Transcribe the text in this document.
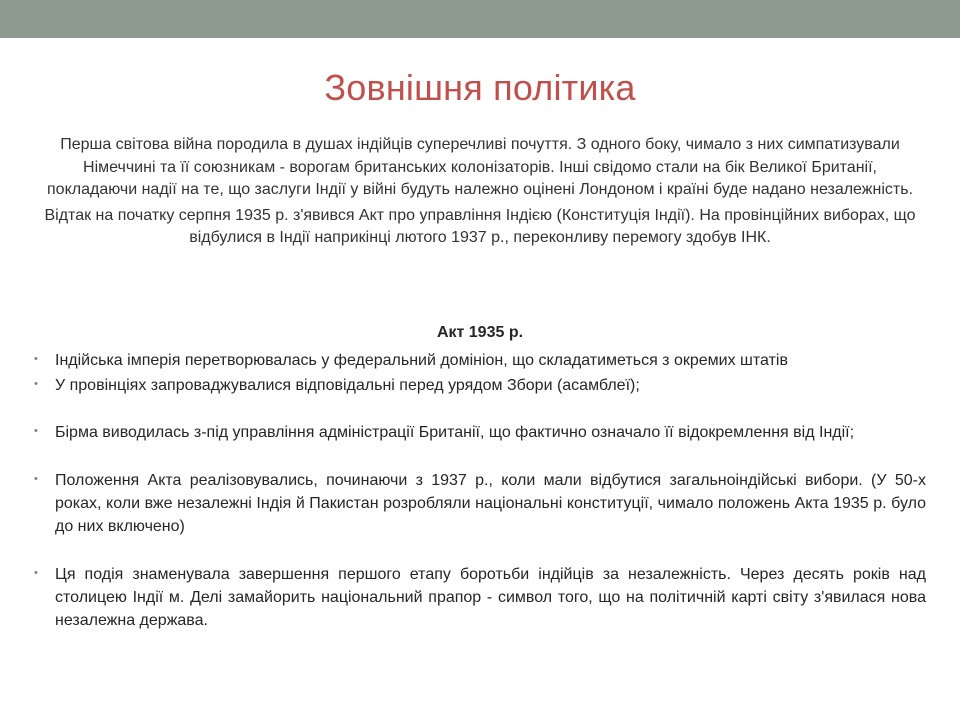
Зовнішня політика

Перша світова війна породила в душах індійців суперечливі почуття. З одного боку, чимало з них симпатизували Німеччині та її союзникам - ворогам британських колонізаторів. Інші свідомо стали на бік Великої Британії, покладаючи надії на те, що заслуги Індії у війні будуть належно оцінені Лондоном і країні буде надано незалежність.

Відтак на початку серпня 1935 р. з'явився Акт про управління Індією (Конституція Індії). На провінційних виборах, що відбулися в Індії наприкінці лютого 1937 р., переконливу перемогу здобув ІНК.

Акт 1935 р.
• Індійська імперія перетворювалась у федеральний домініон, що складатиметься з окремих штатів
• У провінціях запроваджувалися відповідальні перед урядом Збори (асамблеї);
• Бірма виводилась з-під управління адміністрації Британії, що фактично означало її відокремлення від Індії;
• Положення Акта реалізовувались, починаючи з 1937 р., коли мали відбутися загальноіндійські вибори. (У 50-х роках, коли вже незалежні Індія й Пакистан розробляли національні конституції, чимало положень Акта 1935 р. було до них включено)
• Ця подія знаменувала завершення першого етапу боротьби індійців за незалежність. Через десять років над столицею Індії м. Делі замайорить національний прапор - символ того, що на політичній карті світу з'явилася нова незалежна держава.
